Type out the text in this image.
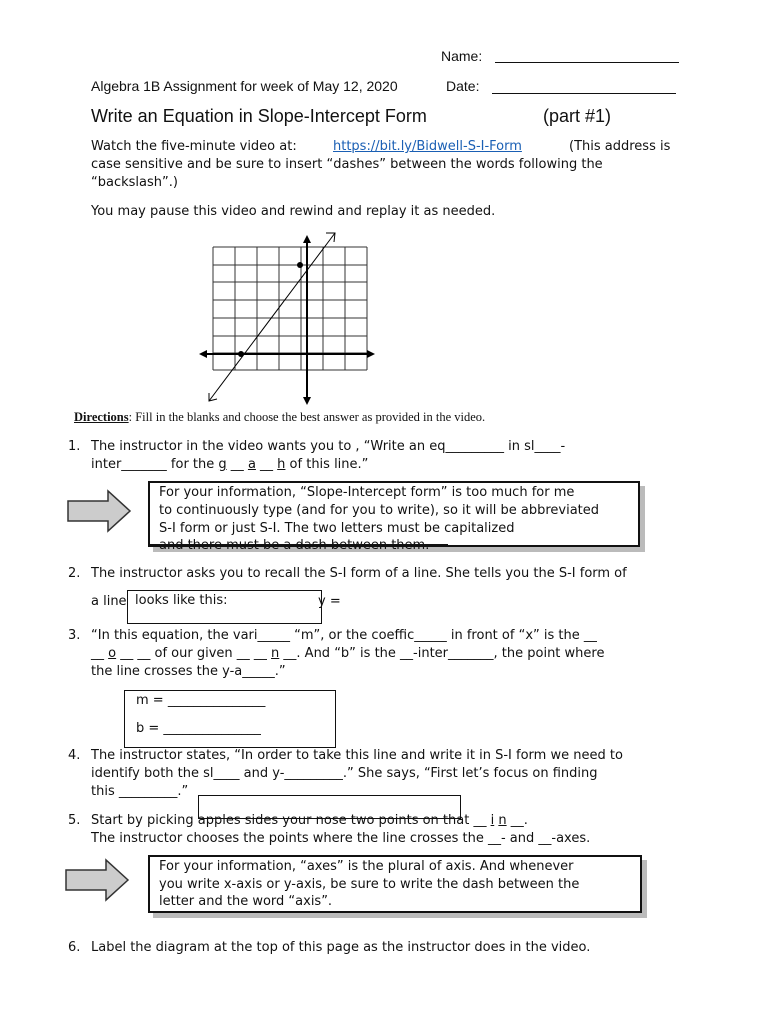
Name:
Algebra 1B Assignment for week of May 12, 2020	Date:
Write an Equation in Slope-Intercept Form	(part #1)
Watch the five-minute video at:	https://bit.ly/Bidwell-S-I-Form	(This address is
case sensitive and be sure to insert “dashes” between the words following the
“backslash”.)
You may pause this video and rewind and replay it as needed.
Directions: Fill in the blanks and choose the best answer as provided in the video.
1. The instructor in the video wants you to , “Write an eq_________ in sl____-
inter_______ for the g __ a __ h of this line.”
For your information, “Slope-Intercept form” is too much for me
to continuously type (and for you to write), so it will be abbreviated
S-I form or just S-I. The two letters must be capitalized
and there must be a dash between them.
2. The instructor asks you to recall the S-I form of a line. She tells you the S-I form of
a line looks like this:	y =
3. “In this equation, the vari_____ “m”, or the coeffic_____ in front of “x” is the __
__ o __ __ of our given __ __ n __. And “b” is the __-inter_______, the point where
the line crosses the y-a_____.”
m = _______________
b = _______________
4. The instructor states, “In order to take this line and write it in S-I form we need to
identify both the sl____ and y-_________.” She says, “First let’s focus on finding
this _________.”
5. Start by picking apples sides your nose two points on that __ i n __.
The instructor chooses the points where the line crosses the __- and __-axes.
For your information, “axes” is the plural of axis. And whenever
you write x-axis or y-axis, be sure to write the dash between the
letter and the word “axis”.
6. Label the diagram at the top of this page as the instructor does in the video.
